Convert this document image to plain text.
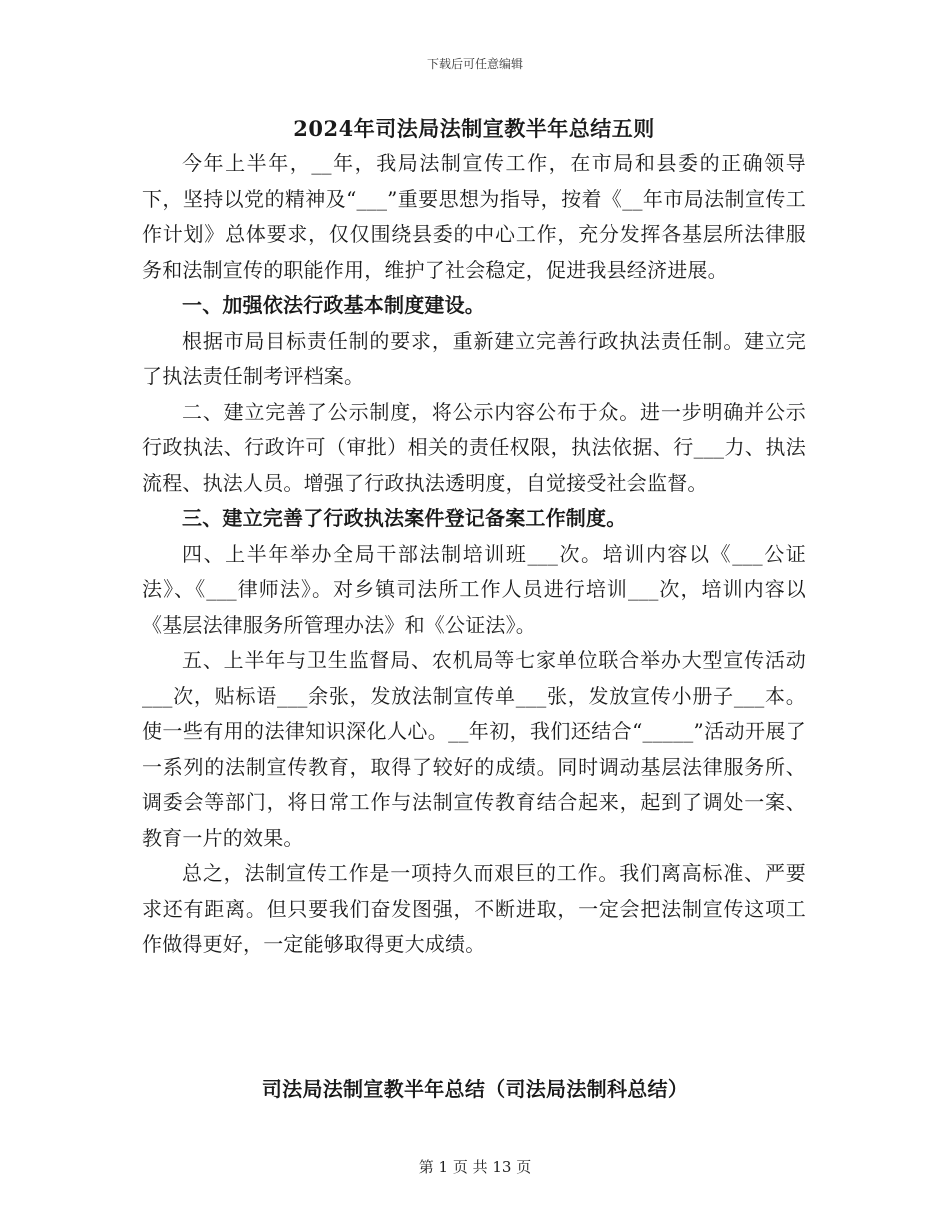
下载后可任意编辑
2024年司法局法制宣教半年总结五则

今年上半年，__年，我局法制宣传工作，在市局和县委的正确领导下，坚持以党的精神及“___”重要思想为指导，按着《__年市局法制宣传工作计划》总体要求，仅仅围绕县委的中心工作，充分发挥各基层所法律服务和法制宣传的职能作用，维护了社会稳定，促进我县经济进展。

一、加强依法行政基本制度建设。

根据市局目标责任制的要求，重新建立完善行政执法责任制。建立完了执法责任制考评档案。

二、建立完善了公示制度，将公示内容公布于众。进一步明确并公示行政执法、行政许可（审批）相关的责任权限，执法依据、行___力、执法流程、执法人员。增强了行政执法透明度，自觉接受社会监督。

三、建立完善了行政执法案件登记备案工作制度。

四、上半年举办全局干部法制培训班___次。培训内容以《___公证法》、《___律师法》。对乡镇司法所工作人员进行培训___次，培训内容以《基层法律服务所管理办法》和《公证法》。

五、上半年与卫生监督局、农机局等七家单位联合举办大型宣传活动___次，贴标语___余张，发放法制宣传单___张，发放宣传小册子___本。使一些有用的法律知识深化人心。__年初，我们还结合“_____”活动开展了一系列的法制宣传教育，取得了较好的成绩。同时调动基层法律服务所、调委会等部门，将日常工作与法制宣传教育结合起来，起到了调处一案、教育一片的效果。

总之，法制宣传工作是一项持久而艰巨的工作。我们离高标准、严要求还有距离。但只要我们奋发图强，不断进取，一定会把法制宣传这项工作做得更好，一定能够取得更大成绩。

司法局法制宣教半年总结（司法局法制科总结）
第 1 页 共 13 页
